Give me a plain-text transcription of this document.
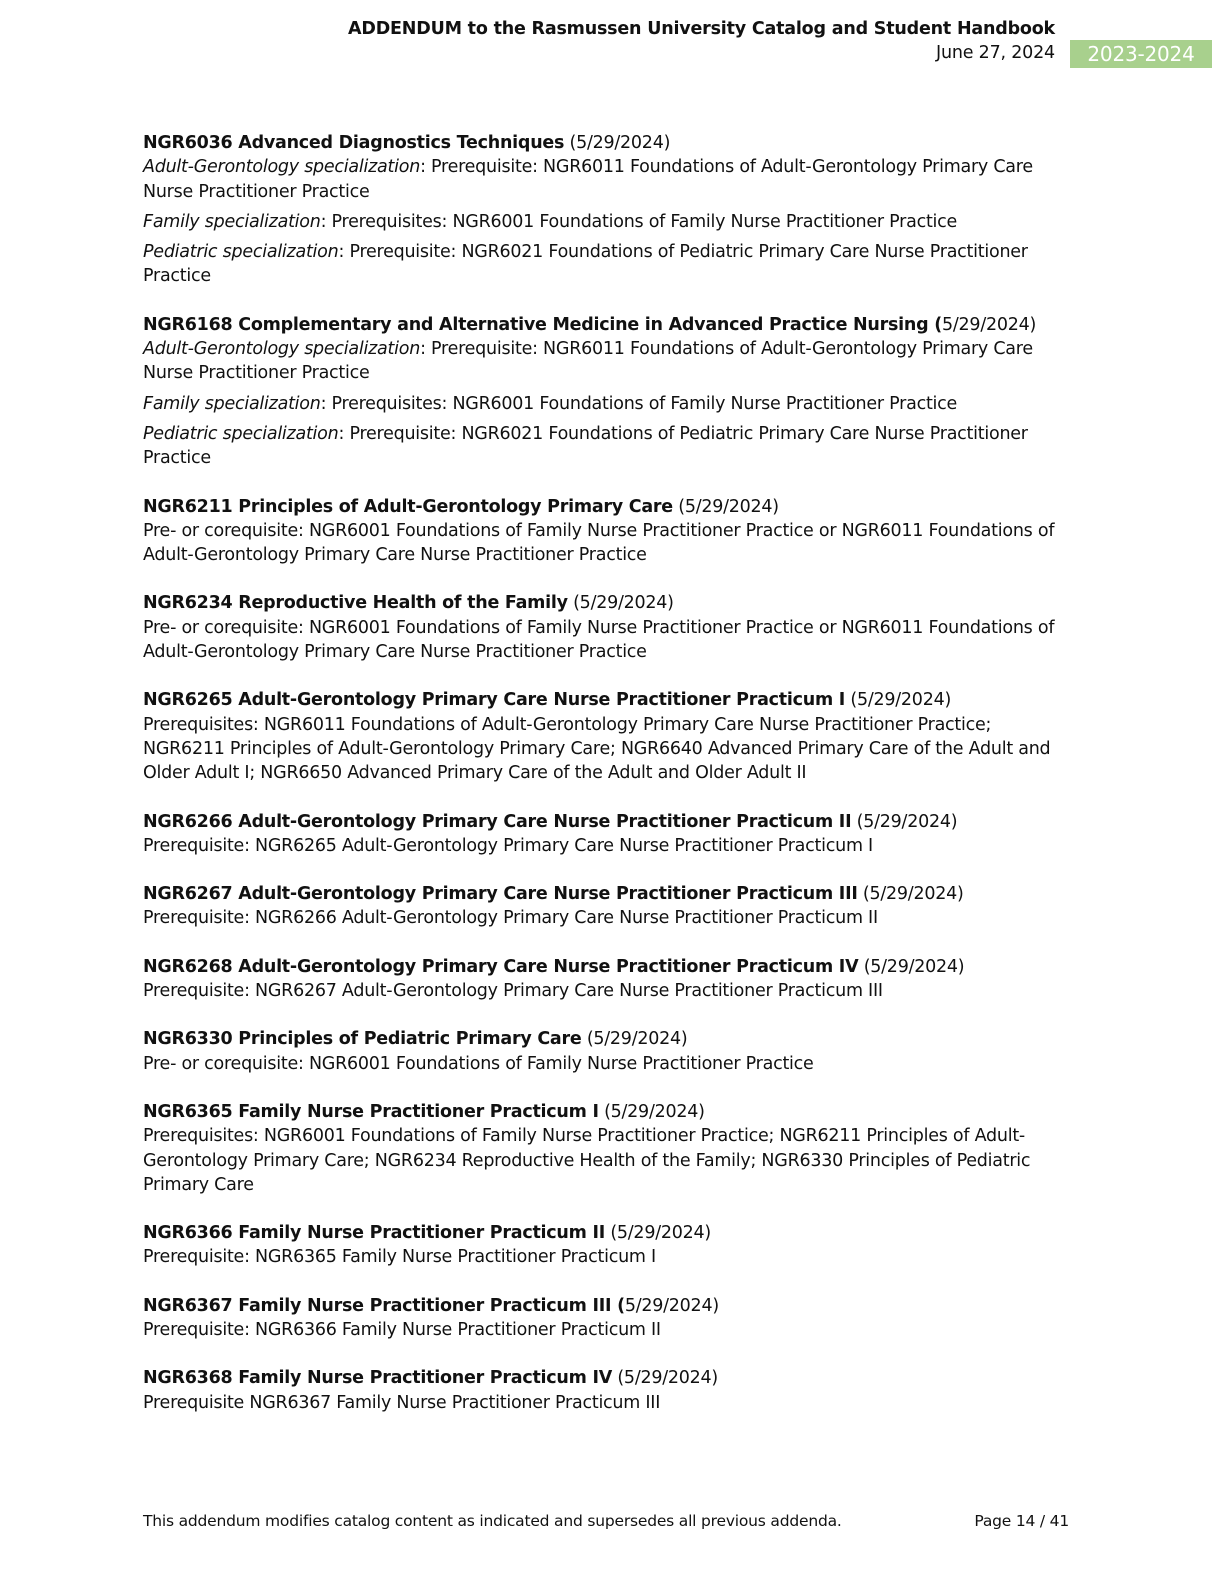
ADDENDUM to the Rasmussen University Catalog and Student Handbook
June 27, 2024	2023-2024
NGR6036 Advanced Diagnostics Techniques (5/29/2024)
Adult-Gerontology specialization: Prerequisite: NGR6011 Foundations of Adult-Gerontology Primary Care Nurse Practitioner Practice
Family specialization: Prerequisites: NGR6001 Foundations of Family Nurse Practitioner Practice
Pediatric specialization: Prerequisite: NGR6021 Foundations of Pediatric Primary Care Nurse Practitioner Practice
NGR6168 Complementary and Alternative Medicine in Advanced Practice Nursing (5/29/2024)
Adult-Gerontology specialization: Prerequisite: NGR6011 Foundations of Adult-Gerontology Primary Care Nurse Practitioner Practice
Family specialization: Prerequisites: NGR6001 Foundations of Family Nurse Practitioner Practice
Pediatric specialization: Prerequisite: NGR6021 Foundations of Pediatric Primary Care Nurse Practitioner Practice
NGR6211 Principles of Adult-Gerontology Primary Care (5/29/2024)
Pre- or corequisite: NGR6001 Foundations of Family Nurse Practitioner Practice or NGR6011 Foundations of Adult-Gerontology Primary Care Nurse Practitioner Practice
NGR6234 Reproductive Health of the Family (5/29/2024)
Pre- or corequisite: NGR6001 Foundations of Family Nurse Practitioner Practice or NGR6011 Foundations of Adult-Gerontology Primary Care Nurse Practitioner Practice
NGR6265 Adult-Gerontology Primary Care Nurse Practitioner Practicum I (5/29/2024)
Prerequisites: NGR6011 Foundations of Adult-Gerontology Primary Care Nurse Practitioner Practice; NGR6211 Principles of Adult-Gerontology Primary Care; NGR6640 Advanced Primary Care of the Adult and Older Adult I; NGR6650 Advanced Primary Care of the Adult and Older Adult II
NGR6266 Adult-Gerontology Primary Care Nurse Practitioner Practicum II (5/29/2024)
Prerequisite: NGR6265 Adult-Gerontology Primary Care Nurse Practitioner Practicum I
NGR6267 Adult-Gerontology Primary Care Nurse Practitioner Practicum III (5/29/2024)
Prerequisite: NGR6266 Adult-Gerontology Primary Care Nurse Practitioner Practicum II
NGR6268 Adult-Gerontology Primary Care Nurse Practitioner Practicum IV (5/29/2024)
Prerequisite: NGR6267 Adult-Gerontology Primary Care Nurse Practitioner Practicum III
NGR6330 Principles of Pediatric Primary Care (5/29/2024)
Pre- or corequisite: NGR6001 Foundations of Family Nurse Practitioner Practice
NGR6365 Family Nurse Practitioner Practicum I (5/29/2024)
Prerequisites: NGR6001 Foundations of Family Nurse Practitioner Practice; NGR6211 Principles of Adult-Gerontology Primary Care; NGR6234 Reproductive Health of the Family; NGR6330 Principles of Pediatric Primary Care
NGR6366 Family Nurse Practitioner Practicum II (5/29/2024)
Prerequisite: NGR6365 Family Nurse Practitioner Practicum I
NGR6367 Family Nurse Practitioner Practicum III (5/29/2024)
Prerequisite: NGR6366 Family Nurse Practitioner Practicum II
NGR6368 Family Nurse Practitioner Practicum IV (5/29/2024)
Prerequisite NGR6367 Family Nurse Practitioner Practicum III
This addendum modifies catalog content as indicated and supersedes all previous addenda.	Page 14 / 41
